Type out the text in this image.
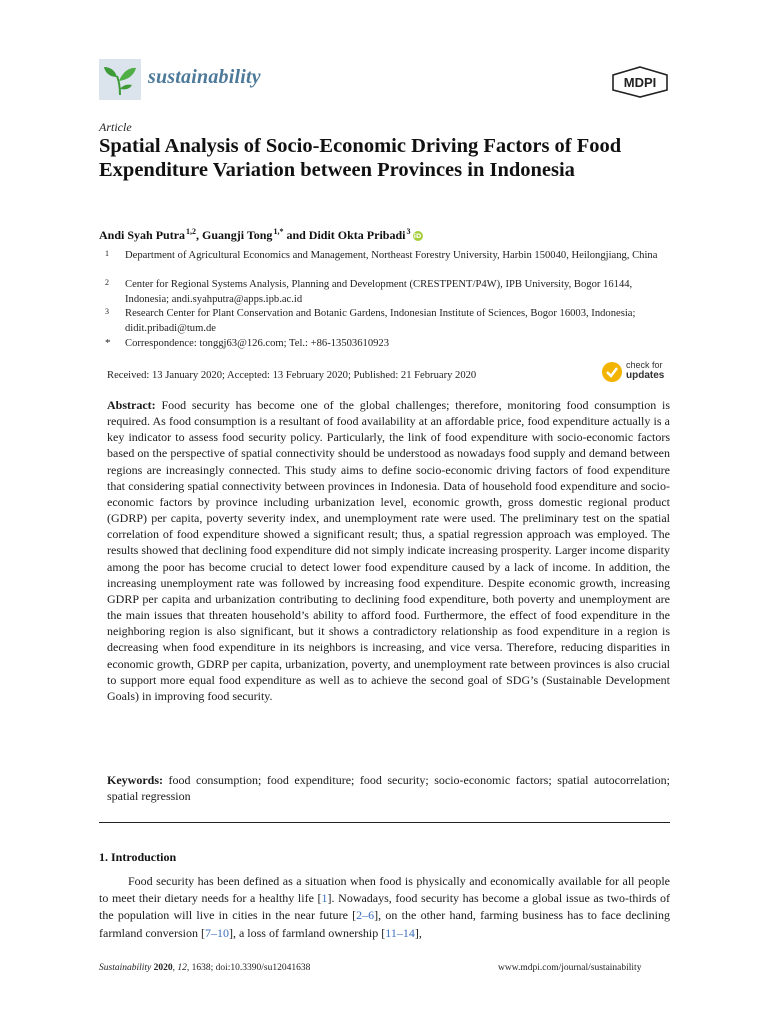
sustainability	MDPI
Article
Spatial Analysis of Socio-Economic Driving Factors of Food Expenditure Variation between Provinces in Indonesia
Andi Syah Putra $^{1,2}$, Guangji Tong $^{1,*}$ and Didit Okta Pribadi $^3$ iD
1 Department of Agricultural Economics and Management, Northeast Forestry University, Harbin 150040, Heilongjiang, China
2 Center for Regional Systems Analysis, Planning and Development (CRESTPENT/P4W), IPB University, Bogor 16144, Indonesia; andi.syahputra@apps.ipb.ac.id
3 Research Center for Plant Conservation and Botanic Gardens, Indonesian Institute of Sciences, Bogor 16003, Indonesia; didit.pribadi@tum.de
* Correspondence: tonggj63@126.com; Tel.: +86-13503610923
Received: 13 January 2020; Accepted: 13 February 2020; Published: 21 February 2020
check for
updates

Abstract: Food security has become one of the global challenges; therefore, monitoring food consumption is required. As food consumption is a resultant of food availability at an affordable price, food expenditure actually is a key indicator to assess food security policy. Particularly, the link of food expenditure with socio-economic factors based on the perspective of spatial connectivity should be understood as nowadays food supply and demand between regions are increasingly connected. This study aims to define socio-economic driving factors of food expenditure that considering spatial connectivity between provinces in Indonesia. Data of household food expenditure and socio-economic factors by province including urbanization level, economic growth, gross domestic regional product (GDRP) per capita, poverty severity index, and unemployment rate were used. The preliminary test on the spatial correlation of food expenditure showed a significant result; thus, a spatial regression approach was employed. The results showed that declining food expenditure did not simply indicate increasing prosperity. Larger income disparity among the poor has become crucial to detect lower food expenditure caused by a lack of income. In addition, the increasing unemployment rate was followed by increasing food expenditure. Despite economic growth, increasing GDRP per capita and urbanization contributing to declining food expenditure, both poverty and unemployment are the main issues that threaten household’s ability to afford food. Furthermore, the effect of food expenditure in the neighboring region is also significant, but it shows a contradictory relationship as food expenditure in a region is decreasing when food expenditure in its neighbors is increasing, and vice versa. Therefore, reducing disparities in economic growth, GDRP per capita, urbanization, poverty, and unemployment rate between provinces is also crucial to support more equal food expenditure as well as to achieve the second goal of SDG’s (Sustainable Development Goals) in improving food security.

Keywords: food consumption; food expenditure; food security; socio-economic factors; spatial autocorrelation; spatial regression

1. Introduction

Food security has been defined as a situation when food is physically and economically available for all people to meet their dietary needs for a healthy life [1]. Nowadays, food security has become a global issue as two-thirds of the population will live in cities in the near future [2–6], on the other hand, farming business has to face declining farmland conversion [7–10], a loss of farmland ownership [11–14],

Sustainability 2020, 12, 1638; doi:10.3390/su12041638	www.mdpi.com/journal/sustainability
